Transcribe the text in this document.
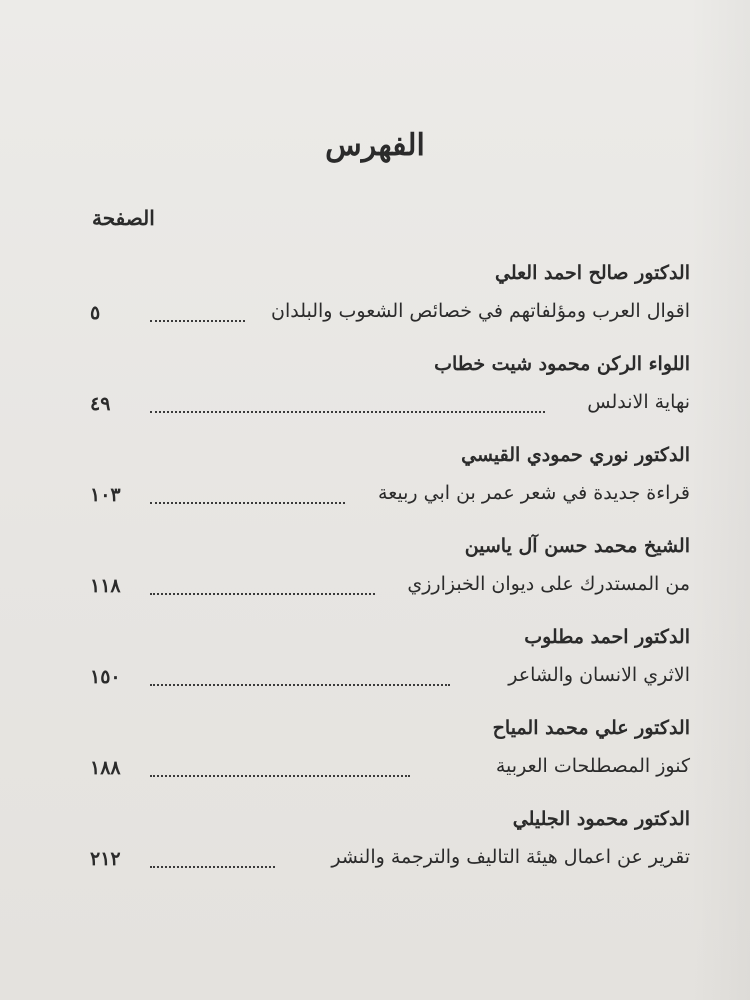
الفهرس
الصفحة
الدكتور صالح احمد العلي
٥	اقوال العرب ومؤلفاتهم في خصائص الشعوب والبلدان
اللواء الركن محمود شيت خطاب
٤٩	نهاية الاندلس
الدكتور نوري حمودي القيسي
١٠٣	قراءة جديدة في شعر عمر بن ابي ربيعة
الشيخ محمد حسن آل ياسين
١١٨	من المستدرك على ديوان الخبزارزي
الدكتور احمد مطلوب
١٥٠	الاثري الانسان والشاعر
الدكتور علي محمد المياح
١٨٨	كنوز المصطلحات العربية
الدكتور محمود الجليلي
٢١٢	تقرير عن اعمال هيئة التاليف والترجمة والنشر
